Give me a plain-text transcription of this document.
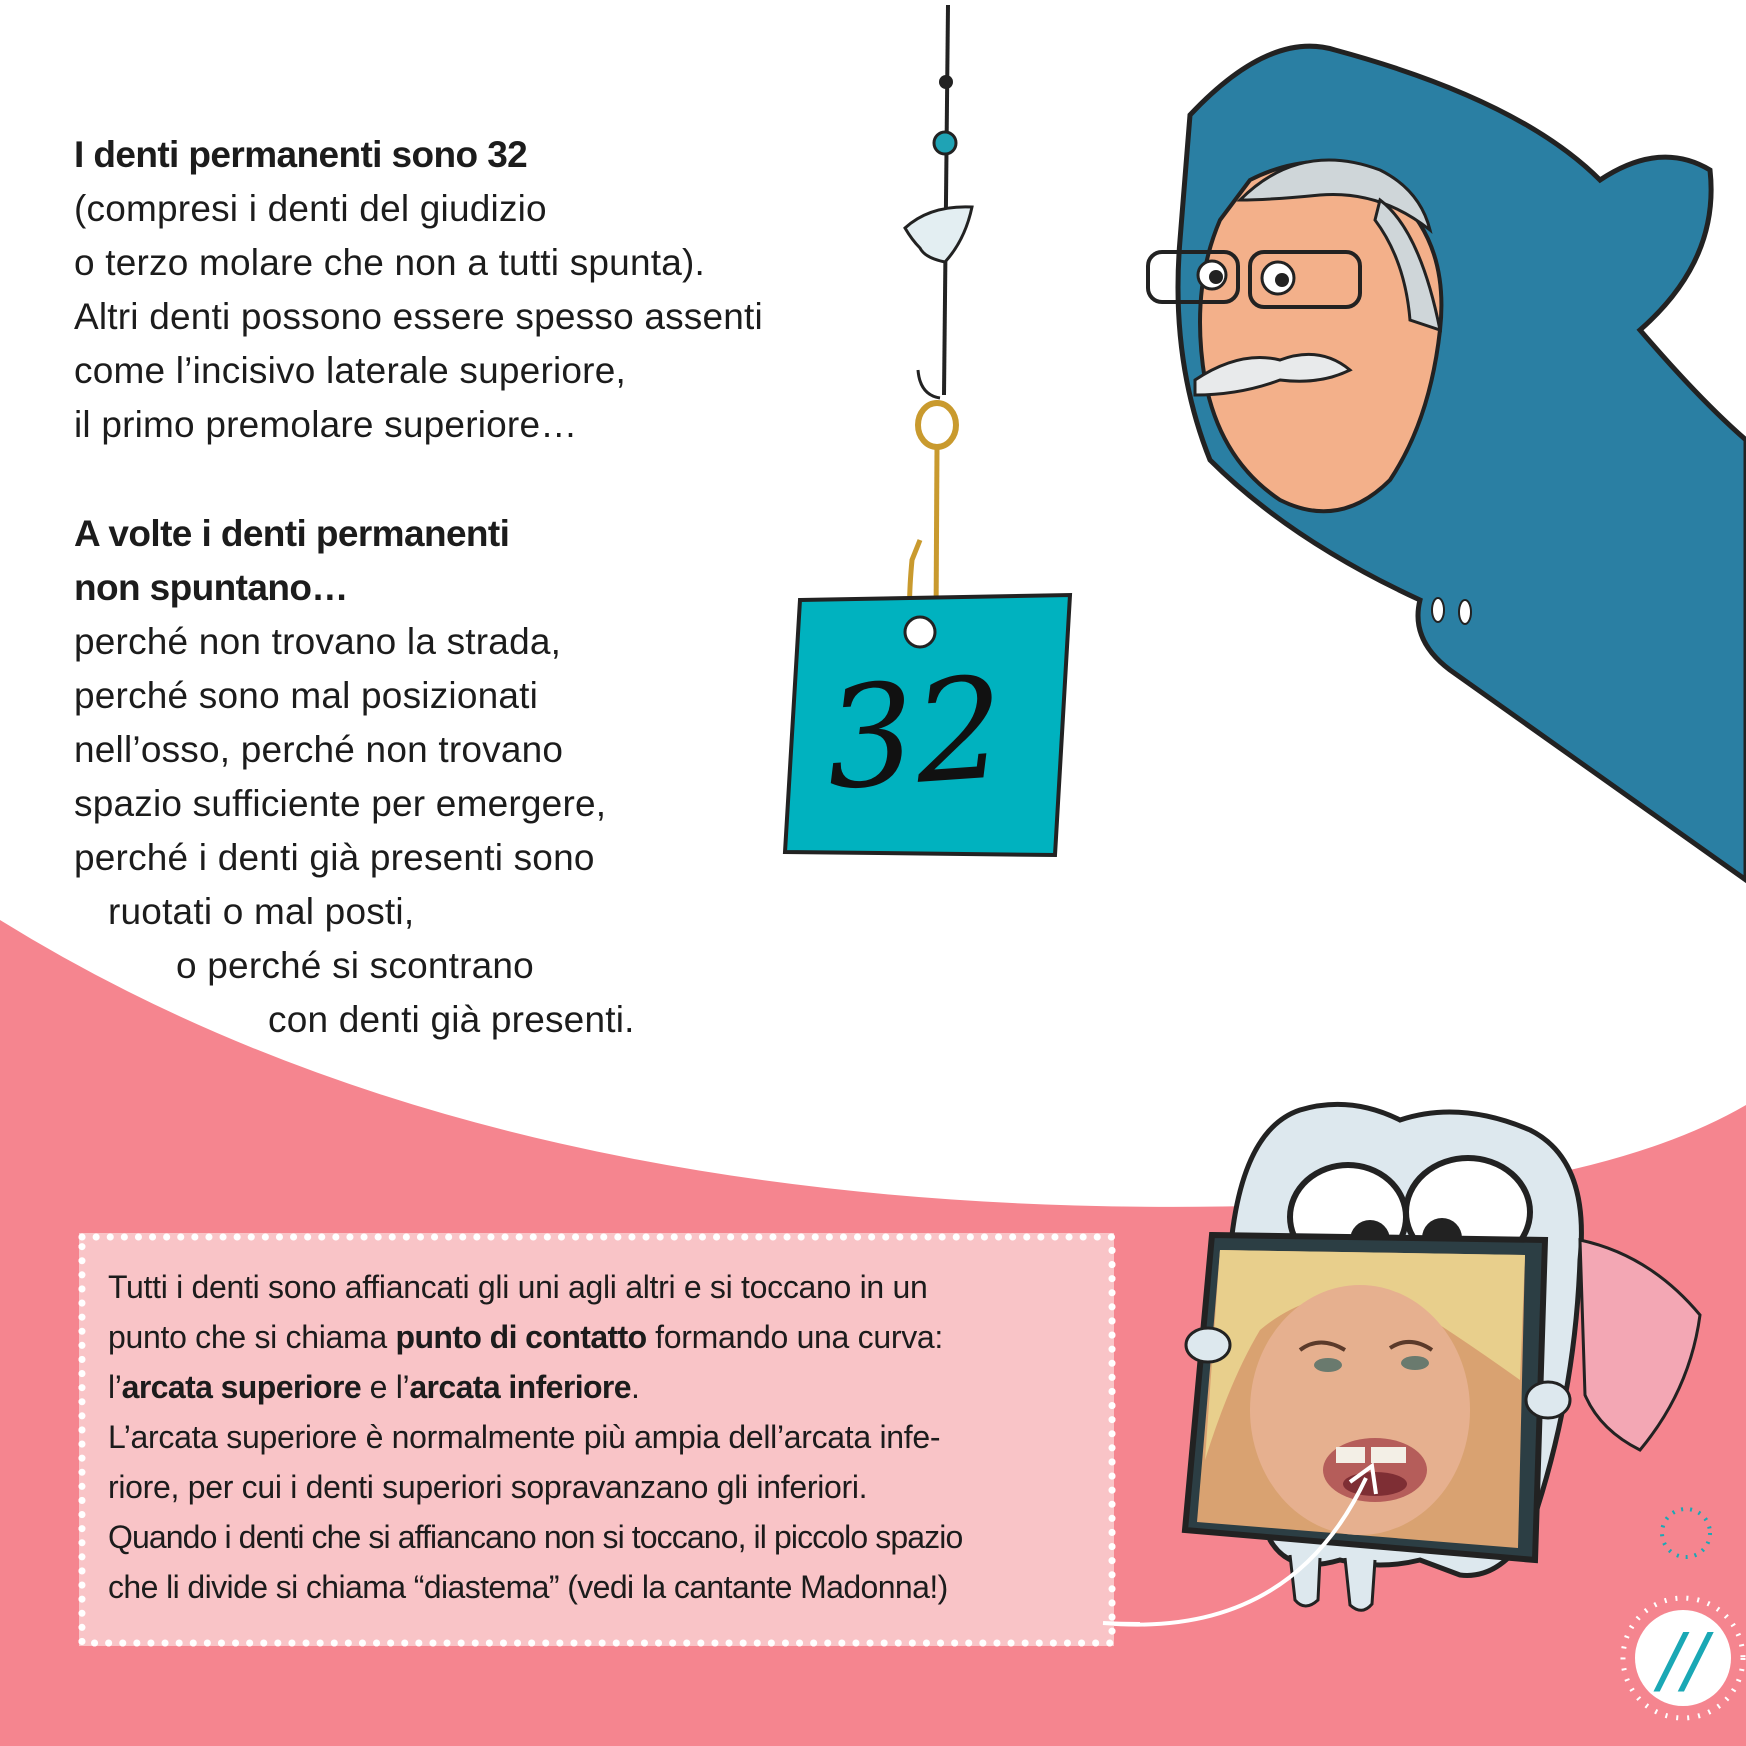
//
32
I denti permanenti sono 32
(compresi i denti del giudizio
o terzo molare che non a tutti spunta).
Altri denti possono essere spesso assenti
come l’incisivo laterale superiore,
il primo premolare superiore…
A volte i denti permanenti
non spuntano…
perché non trovano la strada,
perché sono mal posizionati
nell’osso, perché non trovano
spazio sufficiente per emergere,
perché i denti già presenti sono
ruotati o mal posti,
o perché si scontrano
con denti già presenti.
Tutti i denti sono affiancati gli uni agli altri e si toccano in un
punto che si chiama punto di contatto formando una curva:
l’arcata superiore e l’arcata inferiore.
L’arcata superiore è normalmente più ampia dell’arcata infe-
riore, per cui i denti superiori sopravanzano gli inferiori.
Quando i denti che si affiancano non si toccano, il piccolo spazio
che li divide si chiama “diastema” (vedi la cantante Madonna!)
